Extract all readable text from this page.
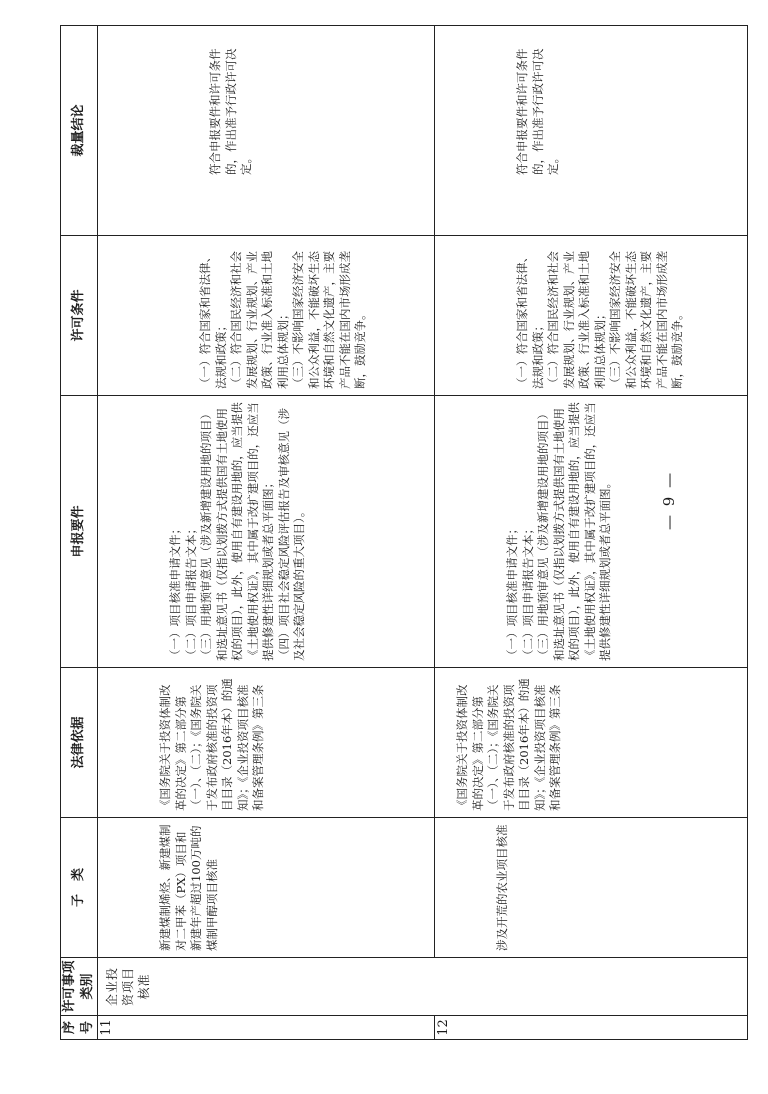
序号	许可事项类别	子　类	法律依据	申报要件	许可条件	裁量结论
11	企业投资项目核准	新建煤制烯烃、新建煤制对二甲苯（PX）项目和新建年产超过100万吨的煤制甲醇项目核准	《国务院关于投资体制改革的决定》第二部分第（一）、（二）；《国务院关于发布政府核准的投资项目目录（2016年本）的通知》；《企业投资项目核准和备案管理条例》第三条	（一）项目核准申请文件； （二）项目申请报告文本； （三）用地预审意见（涉及新增建设用地的项目）和选址意见书（仅指以划拨方式提供国有土地使用权的项目），此外，使用自有建设用地的，应当提供《土地使用权证》，其中属于改扩建项目的，还应当提供修建性详细规划或者总平面图； （四）项目社会稳定风险评估报告及审核意见（涉及社会稳定风险的重大项目）。	（一）符合国家和省法律、法规和政策； （二）符合国民经济和社会发展规划、行业规划、产业政策、行业准入标准和土地利用总体规划； （三）不影响国家经济安全和公众利益，不能破坏生态环境和自然文化遗产，主要产品不能在国内市场形成垄断，鼓励竞争。	符合申报要件和许可条件的，作出准予行政许可决定。

12		涉及开荒的农业项目核准	《国务院关于投资体制改革的决定》第二部分第（一）、（二）；《国务院关于发布政府核准的投资项目目录（2016年本）的通知》；《企业投资项目核准和备案管理条例》第三条	（一）项目核准申请文件； （二）项目申请报告文本； （三）用地预审意见（涉及新增建设用地的项目）和选址意见书（仅指以划拨方式提供国有土地使用权的项目），此外，使用自有建设用地的，应当提供《土地使用权证》，其中属于改扩建项目的，还应当提供修建性详细规划或者总平面图。	（一）符合国家和省法律、法规和政策； （二）符合国民经济和社会发展规划、行业规划、产业政策、行业准入标准和土地利用总体规划； （三）不影响国家经济安全和公众利益，不能破坏生态环境和自然文化遗产，主要产品不能在国内市场形成垄断，鼓励竞争。	符合申报要件和许可条件的，作出准予行政许可决定。
— 9 —
